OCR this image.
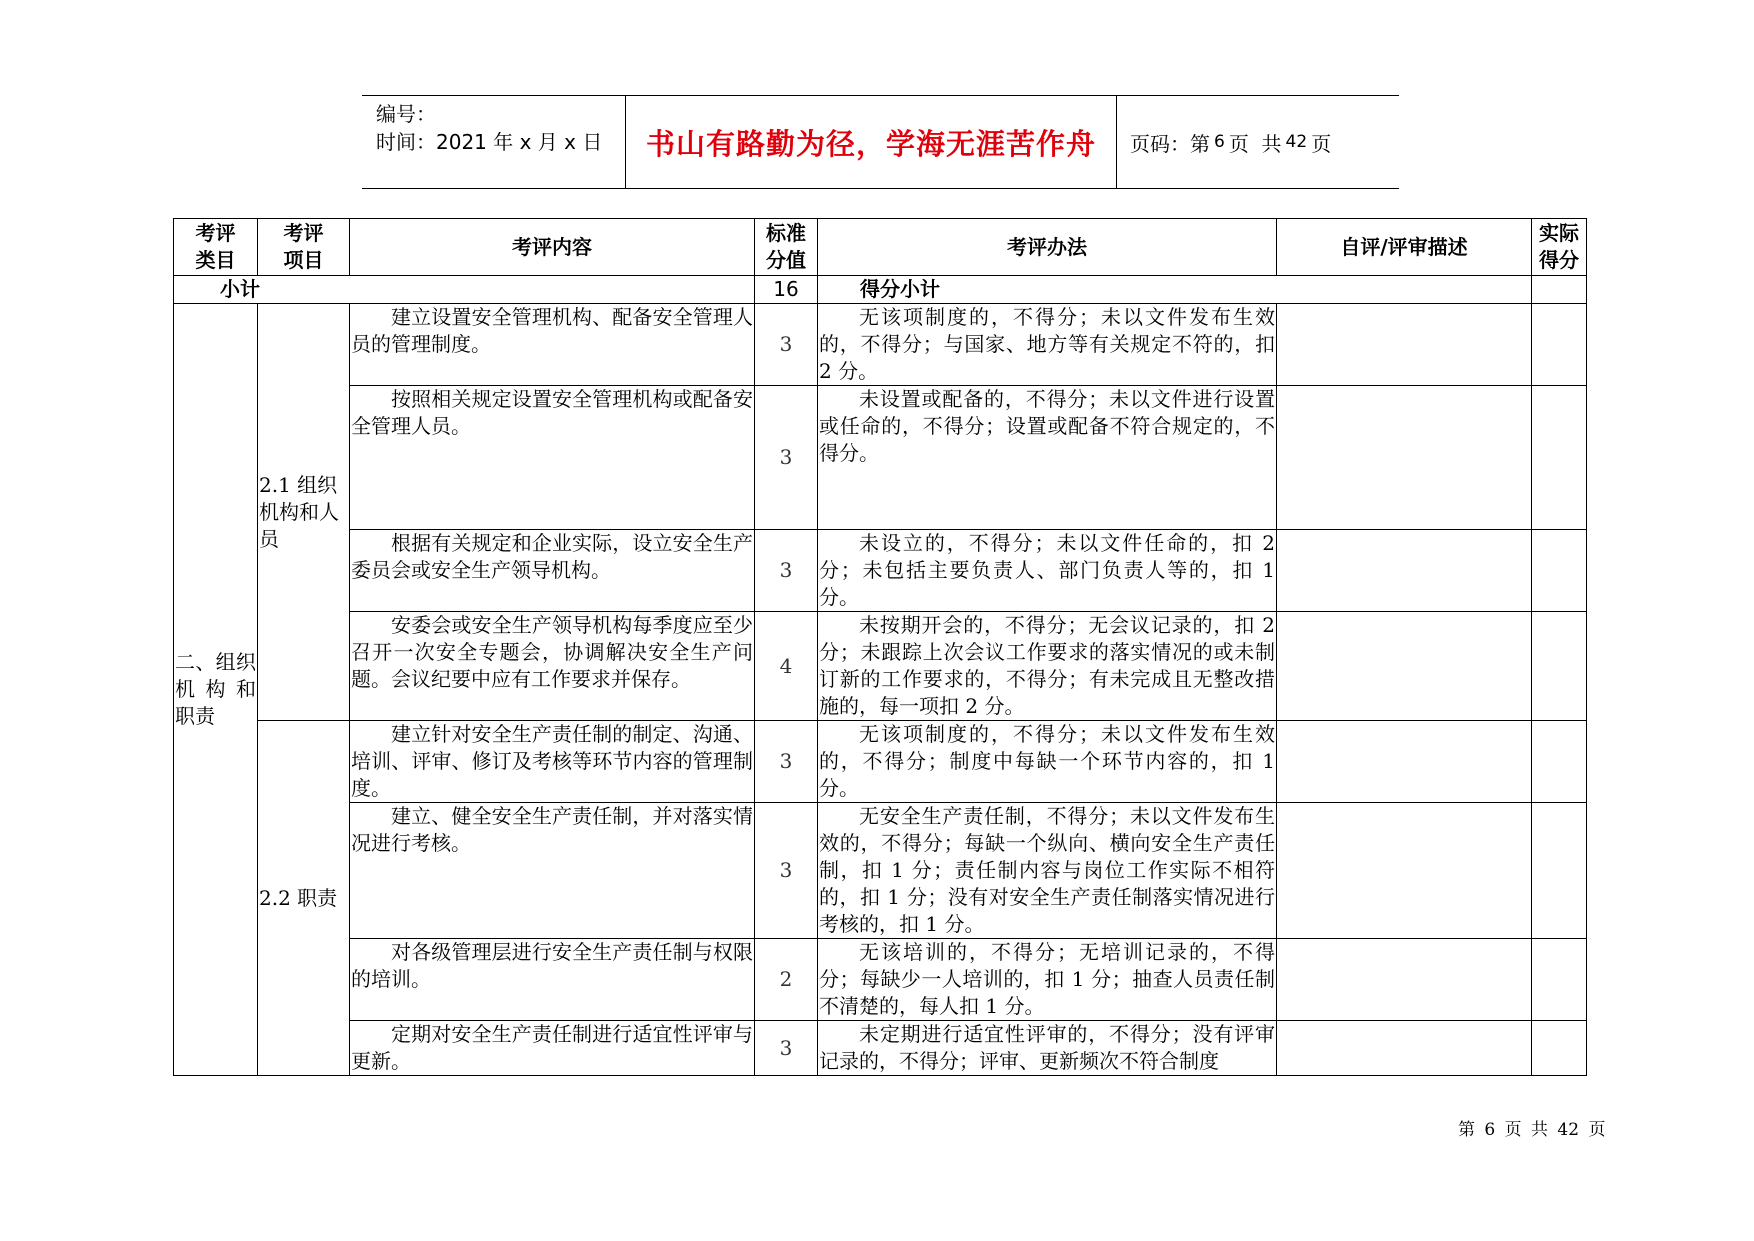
编号：
时间：2021 年 x 月 x 日	书山有路勤为径，学海无涯苦作舟	页码：第 6 页  共 42 页
考评类目	考评项目	考评内容	标准分值	考评办法	自评/评审描述	实际得分
小计			16	得分小计		

二、组织
机构和
职责	2.1 组织机构和人员	建立设置安全管理机构、配备安全管理人员的管理制度。	3	无该项制度的，不得分；未以文件发布生效的，不得分；与国家、地方等有关规定不符的，扣 2 分。		

		按照相关规定设置安全管理机构或配备安全管理人员。	3	未设置或配备的，不得分；未以文件进行设置或任命的，不得分；设置或配备不符合规定的，不得分。		

		根据有关规定和企业实际，设立安全生产委员会或安全生产领导机构。	3	未设立的，不得分；未以文件任命的，扣 2 分；未包括主要负责人、部门负责人等的，扣 1 分。		

		安委会或安全生产领导机构每季度应至少召开一次安全专题会，协调解决安全生产问题。会议纪要中应有工作要求并保存。	4	未按期开会的，不得分；无会议记录的，扣 2 分；未跟踪上次会议工作要求的落实情况的或未制订新的工作要求的，不得分；有未完成且无整改措施的，每一项扣 2 分。		

	2.2 职责	建立针对安全生产责任制的制定、沟通、培训、评审、修订及考核等环节内容的管理制度。	3	无该项制度的，不得分；未以文件发布生效的，不得分；制度中每缺一个环节内容的，扣 1 分。		

		建立、健全安全生产责任制，并对落实情况进行考核。	3	无安全生产责任制，不得分；未以文件发布生效的，不得分；每缺一个纵向、横向安全生产责任制，扣 1 分；责任制内容与岗位工作实际不相符的，扣 1 分；没有对安全生产责任制落实情况进行考核的，扣 1 分。		

		对各级管理层进行安全生产责任制与权限的培训。	2	无该培训的，不得分；无培训记录的，不得分；每缺少一人培训的，扣 1 分；抽查人员责任制不清楚的，每人扣 1 分。		

		定期对安全生产责任制进行适宜性评审与更新。	3	未定期进行适宜性评审的，不得分；没有评审记录的，不得分；评审、更新频次不符合制度		

第 6 页 共 42 页
